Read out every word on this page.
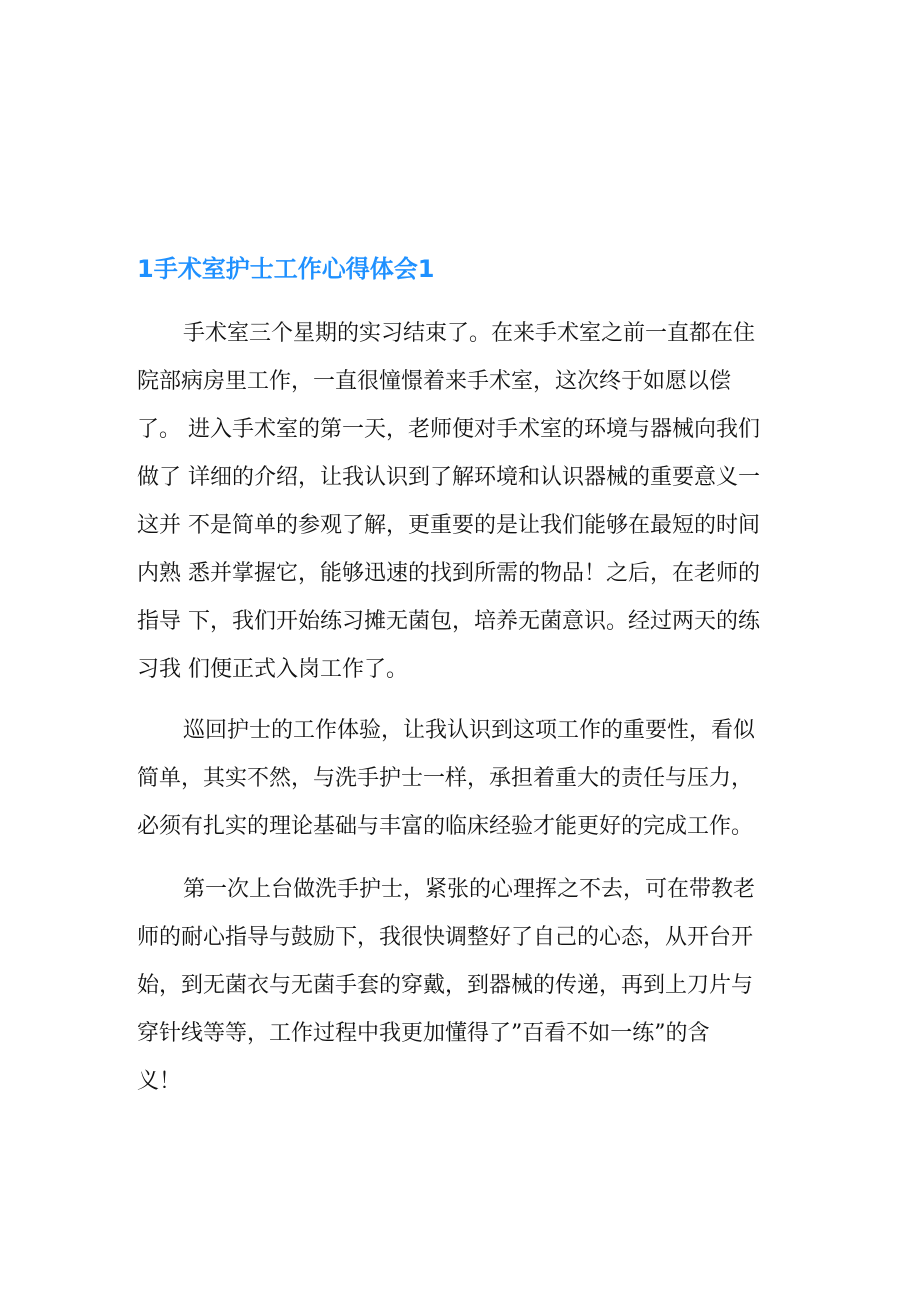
1手术室护士工作心得体会1
手术室三个星期的实习结束了。在来手术室之前一直都在住
院部病房里工作，一直很憧憬着来手术室，这次终于如愿以偿
了。 进入手术室的第一天，老师便对手术室的环境与器械向我们
做了 详细的介绍，让我认识到了解环境和认识器械的重要意义一
这并 不是简单的参观了解，更重要的是让我们能够在最短的时间
内熟 悉并掌握它，能够迅速的找到所需的物品！之后，在老师的
指导 下，我们开始练习摊无菌包，培养无菌意识。经过两天的练
习我 们便正式入岗工作了。
巡回护士的工作体验，让我认识到这项工作的重要性，看似
简单，其实不然，与洗手护士一样，承担着重大的责任与压力，
必须有扎实的理论基础与丰富的临床经验才能更好的完成工作。
第一次上台做洗手护士，紧张的心理挥之不去，可在带教老
师的耐心指导与鼓励下，我很快调整好了自己的心态，从开台开
始，到无菌衣与无菌手套的穿戴，到器械的传递，再到上刀片与
穿针线等等，工作过程中我更加懂得了”百看不如一练”的含
义！
